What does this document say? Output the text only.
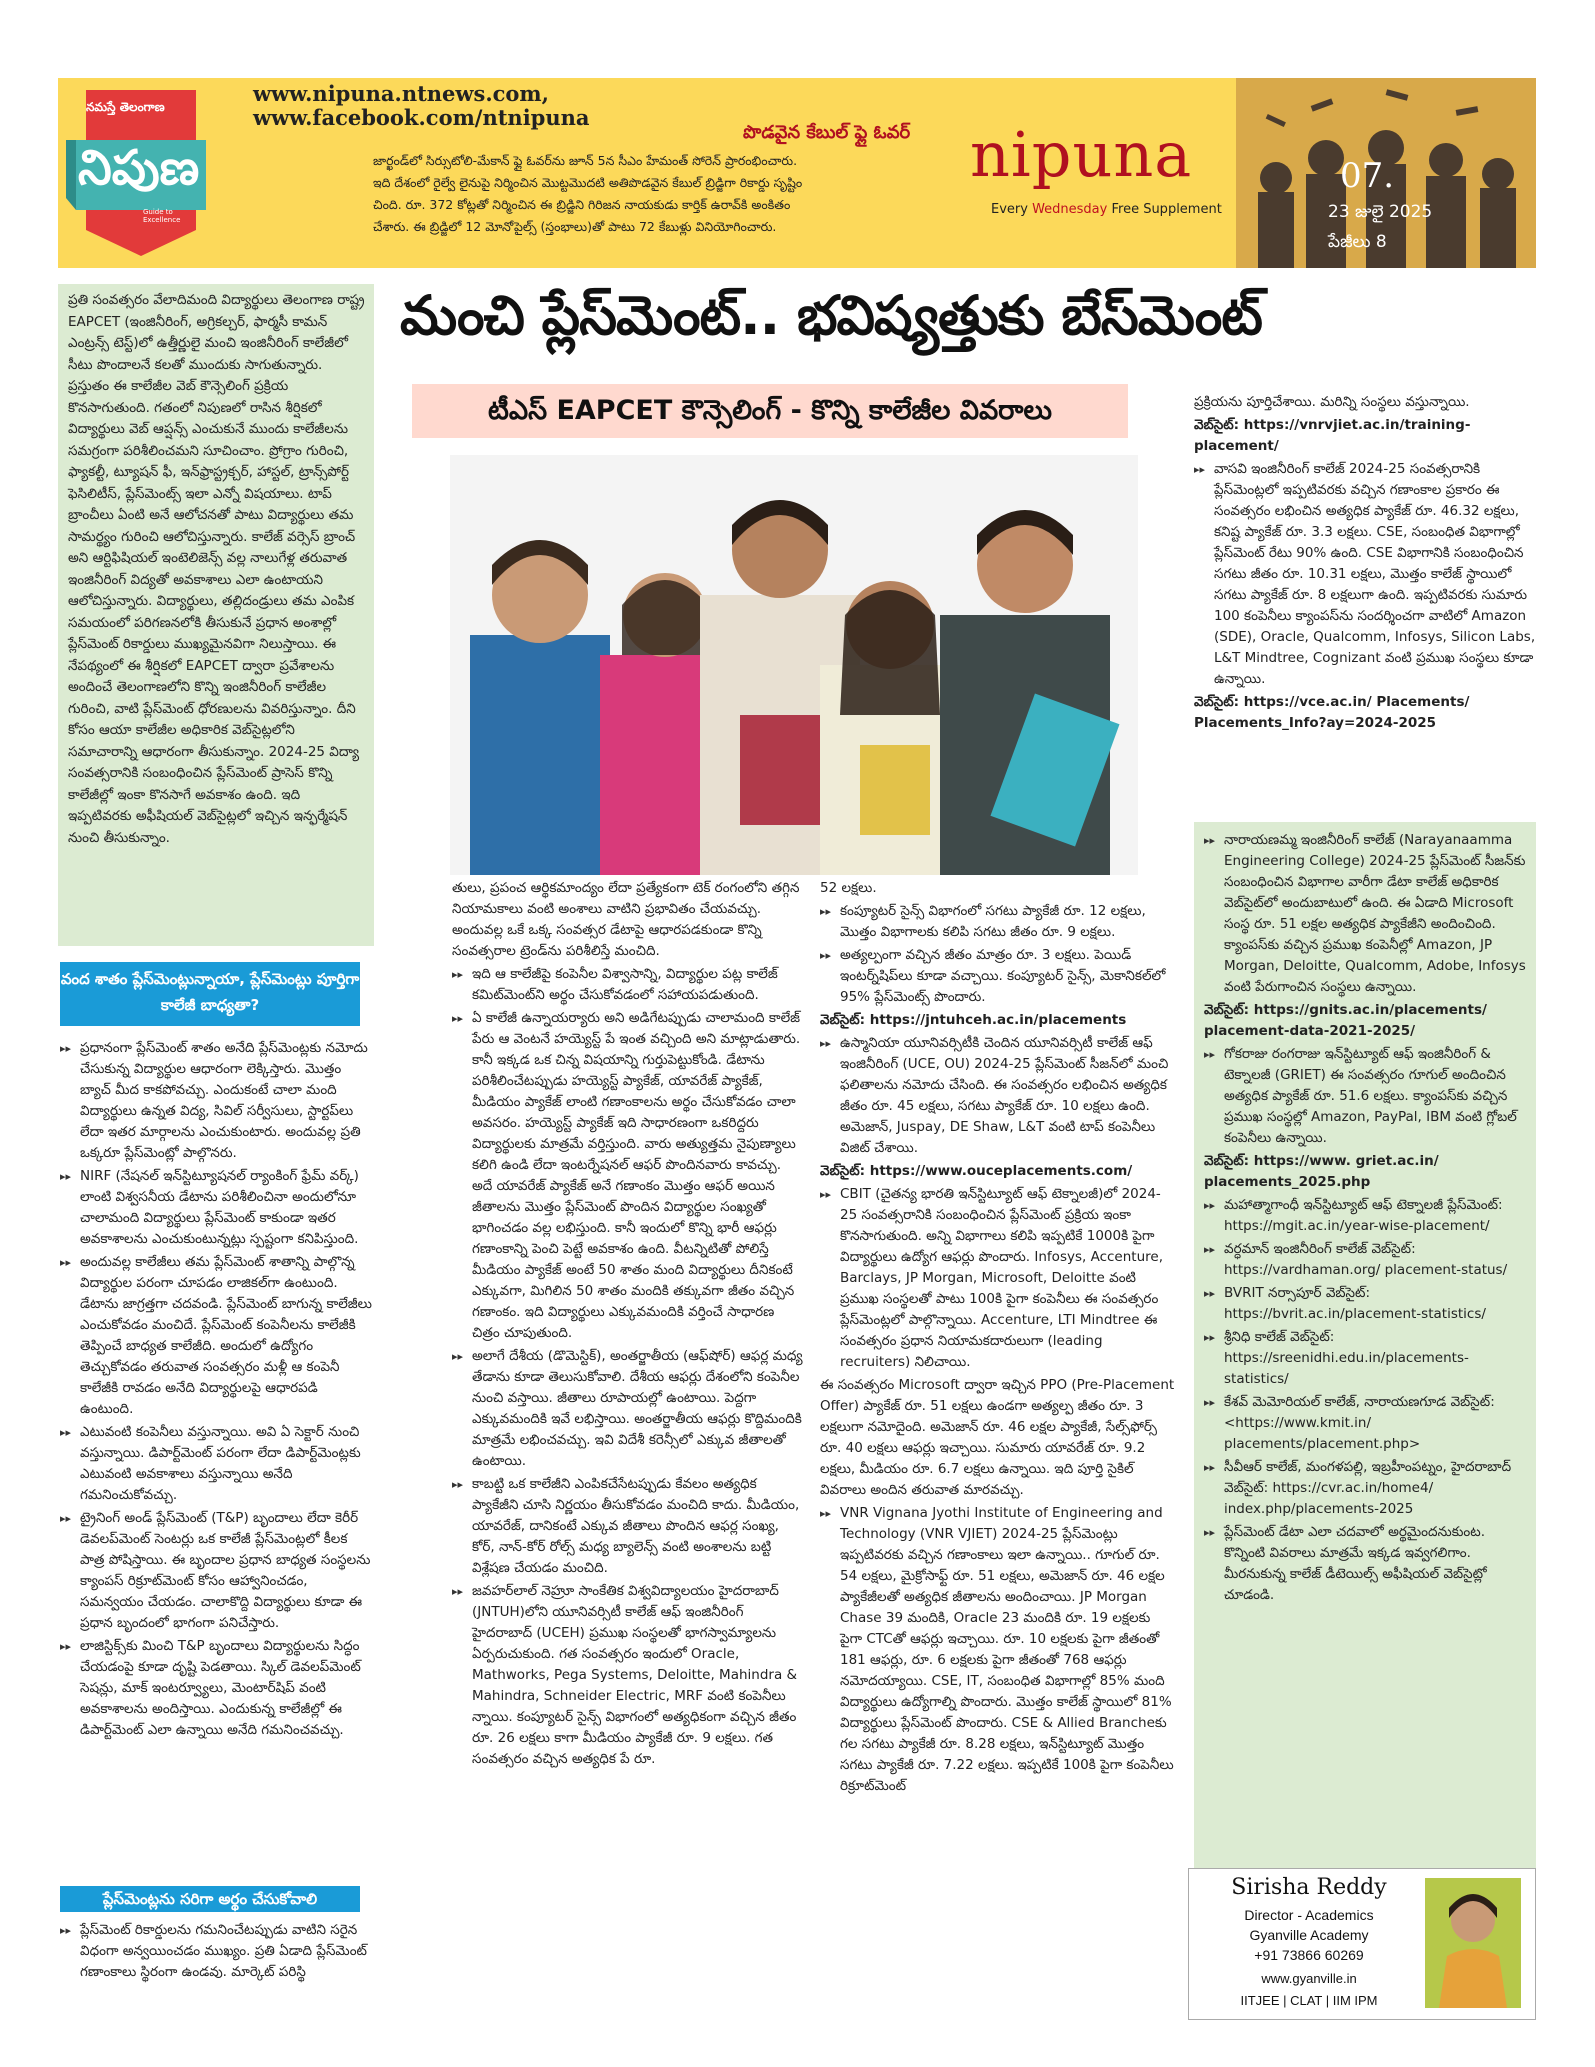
నమస్తే తెలంగాణ
నిపుణ
Guide to Excellence
www.nipuna.ntnews.com,
www.facebook.com/ntnipuna
పొడవైన కేబుల్ ఫ్లై ఓవర్
జార్ఖండ్‌లో సిర్సుటోలి-మేకాన్ ఫ్లై ఓవర్‌ను జూన్ 5న సీఎం హేమంత్ సోరెన్ ప్రారంభించారు.
ఇది దేశంలో రైల్వే లైనుపై నిర్మించిన మొట్టమొదటి అతిపొడవైన కేబుల్ బ్రిడ్జిగా రికార్డు సృష్టిం
చింది. రూ. 372 కోట్లతో నిర్మించిన ఈ బ్రిడ్జిని గిరిజన నాయకుడు కార్తిక్ ఉరావ్‌కి అంకితం
చేశారు. ఈ బ్రిడ్జిలో 12 మోనోపైల్స్ (స్తంభాలు)తో పాటు 72 కేబుళ్లు వినియోగించారు.
nipuna
Every Wednesday Free Supplement
07.
23 జులై 2025
పేజీలు 8
ప్రతి సంవత్సరం వేలాదిమంది విద్యార్థులు తెలంగాణ రాష్ట్ర EAPCET (ఇంజినీరింగ్, అగ్రికల్చర్, ఫార్మసీ కామన్ ఎంట్రన్స్ టెస్ట్)లో ఉత్తీర్ణులై మంచి ఇంజినీరింగ్ కాలేజీలో సీటు పొందాలనే కలతో ముందుకు సాగుతున్నారు. ప్రస్తుతం ఈ కాలేజీల వెబ్ కౌన్సెలింగ్ ప్రక్రియ కొనసాగుతుంది. గతంలో నిపుణలో రాసిన శీర్షికలో విద్యార్థులు వెబ్ ఆప్షన్స్ ఎంచుకునే ముందు కాలేజీలను సమగ్రంగా పరిశీలించమని సూచించాం. ప్రోగ్రాం గురించి, ఫ్యాకల్టీ, ట్యూషన్ ఫీ, ఇన్‌ఫ్రాస్ట్రక్చర్, హాస్టల్, ట్రాన్స్‌పోర్ట్ ఫెసిలిటీస్, ప్లేస్‌మెంట్స్ ఇలా ఎన్నో విషయాలు. టాప్ బ్రాంచీలు ఏంటి అనే ఆలోచనతో పాటు విద్యార్థులు తమ సామర్థ్యం గురించి ఆలోచిస్తున్నారు. కాలేజ్ వర్సెస్ బ్రాంచ్ అని ఆర్టిఫిషియల్ ఇంటెలిజెన్స్ వల్ల నాలుగేళ్ల తరువాత ఇంజినీరింగ్ విద్యతో అవకాశాలు ఎలా ఉంటాయని ఆలోచిస్తున్నారు. విద్యార్థులు, తల్లిదండ్రులు తమ ఎంపిక సమయంలో పరిగణనలోకి తీసుకునే ప్రధాన అంశాల్లో ప్లేస్‌మెంట్ రికార్డులు ముఖ్యమైనవిగా నిలుస్తాయి. ఈ నేపథ్యంలో ఈ శీర్షికలో EAPCET ద్వారా ప్రవేశాలను అందించే తెలంగాణలోని కొన్ని ఇంజినీరింగ్ కాలేజీల గురించి, వాటి ప్లేస్‌మెంట్ ధోరణులను వివరిస్తున్నాం. దీని కోసం ఆయా కాలేజీల అధికారిక వెబ్‌సైట్లలోని సమాచారాన్ని ఆధారంగా తీసుకున్నాం. 2024-25 విద్యా సంవత్సరానికి సంబంధించిన ప్లేస్‌మెంట్ ప్రాసెస్ కొన్ని కాలేజీల్లో ఇంకా కొనసాగే అవకాశం ఉంది. ఇది ఇప్పటివరకు అఫీషియల్ వెబ్‌సైట్లలో ఇచ్చిన ఇన్ఫర్మేషన్ నుంచి తీసుకున్నాం.
మంచి ప్లేస్‌మెంట్.. భవిష్యత్తుకు బేస్‌మెంట్
టీఎస్ EAPCET కౌన్సెలింగ్ - కొన్ని కాలేజీల వివరాలు
వంద శాతం ప్లేస్‌మెంట్లున్నాయా, ప్లేస్‌మెంట్లు పూర్తిగా కాలేజీ బాధ్యతా?

▸▸ ప్రధానంగా ప్లేస్‌మెంట్ శాతం అనేది ప్లేస్‌మెంట్లకు నమోదు చేసుకున్న విద్యార్థుల ఆధారంగా లెక్కిస్తారు. మొత్తం బ్యాచ్ మీద కాకపోవచ్చు. ఎందుకంటే చాలా మంది విద్యార్థులు ఉన్నత విద్య, సివిల్ సర్వీసులు, స్టార్టప్‌లు లేదా ఇతర మార్గాలను ఎంచుకుంటారు. అందువల్ల ప్రతి ఒక్కరూ ప్లేస్‌మెంట్లో పాల్గొనరు.

▸▸ NIRF (నేషనల్ ఇన్‌స్టిట్యూషనల్ ర్యాంకింగ్ ఫ్రేమ్ వర్క్) లాంటి విశ్వసనీయ డేటాను పరిశీలించినా అందులోనూ చాలామంది విద్యార్థులు ప్లేస్‌మెంట్ కాకుండా ఇతర అవకాశాలను ఎంచుకుంటున్నట్లు స్పష్టంగా కనిపిస్తుంది.

▸▸ అందువల్ల కాలేజీలు తమ ప్లేస్‌మెంట్ శాతాన్ని పాల్గొన్న విద్యార్థుల పరంగా చూపడం లాజికల్‌గా ఉంటుంది. డేటాను జాగ్రత్తగా చదవండి. ప్లేస్‌మెంట్ బాగున్న కాలేజీలు ఎంచుకోవడం మంచిదే. ప్లేస్‌మెంట్ కంపెనీలను కాలేజీకి తెప్పించే బాధ్యత కాలేజీది. అందులో ఉద్యోగం తెచ్చుకోవడం తరువాత సంవత్సరం మళ్లీ ఆ కంపెనీ కాలేజీకి రావడం అనేది విద్యార్థులపై ఆధారపడి ఉంటుంది.

▸▸ ఎటువంటి కంపెనీలు వస్తున్నాయి. అవి ఏ సెక్టార్ నుంచి వస్తున్నాయి. డిపార్ట్‌మెంట్ పరంగా లేదా డిపార్ట్‌మెంట్లకు ఎటువంటి అవకాశాలు వస్తున్నాయి అనేది గమనించుకోవచ్చు.

▸▸ ట్రైనింగ్ అండ్ ప్లేస్‌మెంట్ (T&P) బృందాలు లేదా కెరీర్ డెవలప్‌మెంట్ సెంటర్లు ఒక కాలేజీ ప్లేస్‌మెంట్లలో కీలక పాత్ర పోషిస్తాయి. ఈ బృందాల ప్రధాన బాధ్యత సంస్థలను క్యాంపస్ రిక్రూట్‌మెంట్ కోసం ఆహ్వానించడం, సమన్వయం చేయడం. చాలాకొద్ది విద్యార్థులు కూడా ఈ ప్రధాన బృందంలో భాగంగా పనిచేస్తారు.

▸▸ లాజిస్టిక్స్‌కు మించి T&P బృందాలు విద్యార్థులను సిద్ధం చేయడంపై కూడా దృష్టి పెడతాయి. స్కిల్ డెవలప్‌మెంట్ సెషన్లు, మాక్ ఇంటర్వ్యూలు, మెంటార్‌షిప్ వంటి అవకాశాలను అందిస్తాయి. ఎందుకున్న కాలేజీల్లో ఈ డిపార్ట్‌మెంట్ ఎలా ఉన్నాయి అనేది గమనించవచ్చు.

ప్లేస్‌మెంట్లను సరిగా అర్థం చేసుకోవాలి

▸▸ ప్లేస్‌మెంట్ రికార్డులను గమనించేటప్పుడు వాటిని సరైన విధంగా అన్వయించడం ముఖ్యం. ప్రతి ఏడాది ప్లేస్‌మెంట్ గణాంకాలు స్థిరంగా ఉండవు. మార్కెట్ పరిస్థి

తులు, ప్రపంచ ఆర్థికమాంద్యం లేదా ప్రత్యేకంగా టెక్ రంగంలోని తగ్గిన నియామకాలు వంటి అంశాలు వాటిని ప్రభావితం చేయవచ్చు. అందువల్ల ఒకే ఒక్క సంవత్సర డేటాపై ఆధారపడకుండా కొన్ని సంవత్సరాల ట్రెండ్‌ను పరిశీలిస్తే మంచిది.

▸▸ ఇది ఆ కాలేజీపై కంపెనీల విశ్వాసాన్ని, విద్యార్థుల పట్ల కాలేజ్ కమిట్‌మెంట్‌ని అర్థం చేసుకోవడంలో సహాయపడుతుంది.

▸▸ ఏ కాలేజీ ఉన్నాయర్యారు అని అడిగేటప్పుడు చాలామంది కాలేజ్ పేరు ఆ వెంటనే హయ్యెస్ట్ పే ఇంత వచ్చింది అని మాట్లాడుతారు. కానీ ఇక్కడ ఒక చిన్న విషయాన్ని గుర్తుపెట్టుకోండి. డేటాను పరిశీలించేటప్పుడు హయ్యెస్ట్ ప్యాకేజ్, యావరేజ్ ప్యాకేజ్, మీడియం ప్యాకేజ్ లాంటి గణాంకాలను అర్థం చేసుకోవడం చాలా అవసరం. హయ్యెస్ట్ ప్యాకేజ్ ఇది సాధారణంగా ఒకరిద్దరు విద్యార్థులకు మాత్రమే వర్తిస్తుంది. వారు అత్యుత్తమ నైపుణ్యాలు కలిగి ఉండి లేదా ఇంటర్నేషనల్ ఆఫర్ పొందినవారు కావచ్చు. అదే యావరేజ్ ప్యాకేజ్ అనే గణాంకం మొత్తం ఆఫర్ అయిన జీతాలను మొత్తం ప్లేస్‌మెంట్ పొందిన విద్యార్థుల సంఖ్యతో భాగించడం వల్ల లభిస్తుంది. కానీ ఇందులో కొన్ని భారీ ఆఫర్లు గణాంకాన్ని పెంచి పెట్టే అవకాశం ఉంది. వీటన్నిటితో పోలిస్తే మీడియం ప్యాకేజ్ అంటే 50 శాతం మంది విద్యార్థులు దీనికంటే ఎక్కువగా, మిగిలిన 50 శాతం మందికి తక్కువగా జీతం వచ్చిన గణాంకం. ఇది విద్యార్థులు ఎక్కువమందికి వర్తించే సాధారణ చిత్రం చూపుతుంది.

▸▸ అలాగే దేశీయ (డొమెస్టిక్), అంతర్జాతీయ (ఆఫ్‌షోర్) ఆఫర్ల మధ్య తేడాను కూడా తెలుసుకోవాలి. దేశీయ ఆఫర్లు దేశంలోని కంపెనీల నుంచి వస్తాయి. జీతాలు రూపాయల్లో ఉంటాయి. పెద్దగా ఎక్కువమందికి ఇవే లభిస్తాయి. అంతర్జాతీయ ఆఫర్లు కొద్దిమందికి మాత్రమే లభించవచ్చు. ఇవి విదేశీ కరెన్సీలో ఎక్కువ జీతాలతో ఉంటాయి.

▸▸ కాబట్టి ఒక కాలేజీని ఎంపికచేసేటప్పుడు కేవలం అత్యధిక ప్యాకేజీని చూసి నిర్ణయం తీసుకోవడం మంచిది కాదు. మీడియం, యావరేజ్, దానికంటే ఎక్కువ జీతాలు పొందిన ఆఫర్ల సంఖ్య, కోర్, నాన్-కోర్ రోల్స్ మధ్య బ్యాలెన్స్ వంటి అంశాలను బట్టి విశ్లేషణ చేయడం మంచిది.

▸▸ జవహర్‌లాల్ నెహ్రూ సాంకేతిక విశ్వవిద్యాలయం హైదరాబాద్ (JNTUH)లోని యూనివర్సిటీ కాలేజ్ ఆఫ్ ఇంజినీరింగ్ హైదరాబాద్ (UCEH) ప్రముఖ సంస్థలతో భాగస్వామ్యాలను ఏర్పరుచుకుంది. గత సంవత్సరం ఇందులో Oracle, Mathworks, Pega Systems, Deloitte, Mahindra & Mahindra, Schneider Electric, MRF వంటి కంపెనీలు న్నాయి. కంప్యూటర్ సైన్స్ విభాగంలో అత్యధికంగా వచ్చిన జీతం రూ. 26 లక్షలు కాగా మీడియం ప్యాకేజీ రూ. 9 లక్షలు. గత సంవత్సరం వచ్చిన అత్యధిక పే రూ.

52 లక్షలు.

▸▸ కంప్యూటర్ సైన్స్ విభాగంలో సగటు ప్యాకేజీ రూ. 12 లక్షలు, మొత్తం విభాగాలకు కలిపి సగటు జీతం రూ. 9 లక్షలు.

▸▸ అత్యల్పంగా వచ్చిన జీతం మాత్రం రూ. 3 లక్షలు. పెయిడ్ ఇంటర్న్‌షిప్‌లు కూడా వచ్చాయి. కంప్యూటర్ సైన్స్, మెకానికల్‌లో 95% ప్లేస్‌మెంట్స్ పొందారు.

వెబ్‌సైట్: https://jntuhceh.ac.in/placements

▸▸ ఉస్మానియా యూనివర్సిటీకి చెందిన యూనివర్సిటీ కాలేజ్ ఆఫ్ ఇంజినీరింగ్ (UCE, OU) 2024-25 ప్లేస్‌మెంట్ సీజన్‌లో మంచి ఫలితాలను నమోదు చేసింది. ఈ సంవత్సరం లభించిన అత్యధిక జీతం రూ. 45 లక్షలు, సగటు ప్యాకేజ్ రూ. 10 లక్షలు ఉంది. అమెజాన్, Juspay, DE Shaw, L&T వంటి టాప్ కంపెనీలు విజిట్ చేశాయి.

వెబ్‌సైట్: https://www.ouceplacements.com/

▸▸ CBIT (చైతన్య భారతి ఇన్‌స్టిట్యూట్ ఆఫ్ టెక్నాలజీ)లో 2024-25 సంవత్సరానికి సంబంధించిన ప్లేస్‌మెంట్ ప్రక్రియ ఇంకా కొనసాగుతుంది. అన్ని విభాగాలు కలిపి ఇప్పటికే 1000కి పైగా విద్యార్థులు ఉద్యోగ ఆఫర్లు పొందారు. Infosys, Accenture, Barclays, JP Morgan, Microsoft, Deloitte వంటి ప్రముఖ సంస్థలతో పాటు 100కి పైగా కంపెనీలు ఈ సంవత్సరం ప్లేస్‌మెంట్లలో పాల్గొన్నాయి. Accenture, LTI Mindtree ఈ సంవత్సరం ప్రధాన నియామకదారులుగా (leading recruiters) నిలిచాయి.

ఈ సంవత్సరం Microsoft ద్వారా ఇచ్చిన PPO (Pre-Placement Offer) ప్యాకేజ్ రూ. 51 లక్షలు ఉండగా అత్యల్ప జీతం రూ. 3 లక్షలుగా నమోదైంది. అమెజాన్ రూ. 46 లక్షల ప్యాకేజీ, సేల్స్‌ఫోర్స్ రూ. 40 లక్షలు ఆఫర్లు ఇచ్చాయి. సుమారు యావరేజ్ రూ. 9.2 లక్షలు, మీడియం రూ. 6.7 లక్షలు ఉన్నాయి. ఇది పూర్తి సైకిల్ వివరాలు అందిన తరువాత మారవచ్చు.

▸▸ VNR Vignana Jyothi Institute of Engineering and Technology (VNR VJIET) 2024-25 ప్లేస్‌మెంట్లు ఇప్పటివరకు వచ్చిన గణాంకాలు ఇలా ఉన్నాయి.. గూగుల్ రూ. 54 లక్షలు, మైక్రోసాఫ్ట్ రూ. 51 లక్షలు, అమెజాన్ రూ. 46 లక్షల ప్యాకేజీలతో అత్యధిక జీతాలను అందించాయి. JP Morgan Chase 39 మందికి, Oracle 23 మందికి రూ. 19 లక్షలకు పైగా CTCతో ఆఫర్లు ఇచ్చాయి. రూ. 10 లక్షలకు పైగా జీతంతో 181 ఆఫర్లు, రూ. 6 లక్షలకు పైగా జీతంతో 768 ఆఫర్లు నమోదయ్యాయి. CSE, IT, సంబంధిత విభాగాల్లో 85% మంది విద్యార్థులు ఉద్యోగాల్ని పొందారు. మొత్తం కాలేజ్ స్థాయిలో 81% విద్యార్థులు ప్లేస్‌మెంట్ పొందారు. CSE & Allied Brancheకు గల సగటు ప్యాకేజీ రూ. 8.28 లక్షలు, ఇన్‌స్టిట్యూట్ మొత్తం సగటు ప్యాకేజీ రూ. 7.22 లక్షలు. ఇప్పటికే 100కి పైగా కంపెనీలు రిక్రూట్‌మెంట్

ప్రక్రియను పూర్తిచేశాయి. మరిన్ని సంస్థలు వస్తున్నాయి.

వెబ్‌సైట్: https://vnrvjiet.ac.in/training-placement/

▸▸ వాసవి ఇంజినీరింగ్ కాలేజ్ 2024-25 సంవత్సరానికి ప్లేస్‌మెంట్లలో ఇప్పటివరకు వచ్చిన గణాంకాల ప్రకారం ఈ సంవత్సరం లభించిన అత్యధిక ప్యాకేజ్ రూ. 46.32 లక్షలు, కనిష్ట ప్యాకేజ్ రూ. 3.3 లక్షలు. CSE, సంబంధిత విభాగాల్లో ప్లేస్‌మెంట్ రేటు 90% ఉంది. CSE విభాగానికి సంబంధించిన సగటు జీతం రూ. 10.31 లక్షలు, మొత్తం కాలేజ్ స్థాయిలో సగటు ప్యాకేజ్ రూ. 8 లక్షలుగా ఉంది. ఇప్పటివరకు సుమారు 100 కంపెనీలు క్యాంపస్‌ను సందర్శించగా వాటిలో Amazon (SDE), Oracle, Qualcomm, Infosys, Silicon Labs, L&T Mindtree, Cognizant వంటి ప్రముఖ సంస్థలు కూడా ఉన్నాయి.

వెబ్‌సైట్: https://vce.ac.in/ Placements/ Placements_Info?ay=2024-2025

▸▸ నారాయణమ్మ ఇంజినీరింగ్ కాలేజ్ (Narayanaamma Engineering College) 2024-25 ప్లేస్‌మెంట్ సీజన్‌కు సంబంధించిన విభాగాల వారీగా డేటా కాలేజ్ అధికారిక వెబ్‌సైట్‌లో అందుబాటులో ఉంది. ఈ ఏడాది Microsoft సంస్థ రూ. 51 లక్షల అత్యధిక ప్యాకేజీని అందించింది. క్యాంపస్‌కు వచ్చిన ప్రముఖ కంపెనీల్లో Amazon, JP Morgan, Deloitte, Qualcomm, Adobe, Infosys వంటి పేరుగాంచిన సంస్థలు ఉన్నాయి.

వెబ్‌సైట్: https://gnits.ac.in/placements/ placement-data-2021-2025/

▸▸ గోకరాజు రంగరాజు ఇన్‌స్టిట్యూట్ ఆఫ్ ఇంజినీరింగ్ & టెక్నాలజీ (GRIET) ఈ సంవత్సరం గూగుల్ అందించిన అత్యధిక ప్యాకేజ్ రూ. 51.6 లక్షలు. క్యాంపస్‌కు వచ్చిన ప్రముఖ సంస్థల్లో Amazon, PayPal, IBM వంటి గ్లోబల్ కంపెనీలు ఉన్నాయి.

వెబ్‌సైట్: https://www. griet.ac.in/ placements_2025.php

▸▸ మహాత్మాగాంధీ ఇన్‌స్టిట్యూట్ ఆఫ్ టెక్నాలజీ ప్లేస్‌మెంట్: https://mgit.ac.in/year-wise-placement/

▸▸ వర్ధమాన్ ఇంజినీరింగ్ కాలేజ్ వెబ్‌సైట్: https://vardhaman.org/ placement-status/

▸▸ BVRIT నర్సాపూర్ వెబ్‌సైట్: https://bvrit.ac.in/placement-statistics/

▸▸ శ్రీనిధి కాలేజ్ వెబ్‌సైట్: https://sreenidhi.edu.in/placements-statistics/

▸▸ కేశవ్ మెమోరియల్ కాలేజ్, నారాయణగూడ వెబ్‌సైట్: <https://www.kmit.in/ placements/placement.php>

▸▸ సీవీఆర్ కాలేజ్, మంగళపల్లి, ఇబ్రహీంపట్నం, హైదరాబాద్ వెబ్‌సైట్: https://cvr.ac.in/home4/ index.php/placements-2025

▸▸ ప్లేస్‌మెంట్ డేటా ఎలా చదవాలో అర్థమైందనుకుంట. కొన్నింటి వివరాలు మాత్రమే ఇక్కడ ఇవ్వగలిగాం. మీరనుకున్న కాలేజ్ డీటెయిల్స్ అఫీషియల్ వెబ్‌సైట్లో చూడండి.

Sirisha Reddy
Director - Academics
Gyanville Academy
+91 73866 60269
www.gyanville.in
IITJEE | CLAT | IIM IPM
